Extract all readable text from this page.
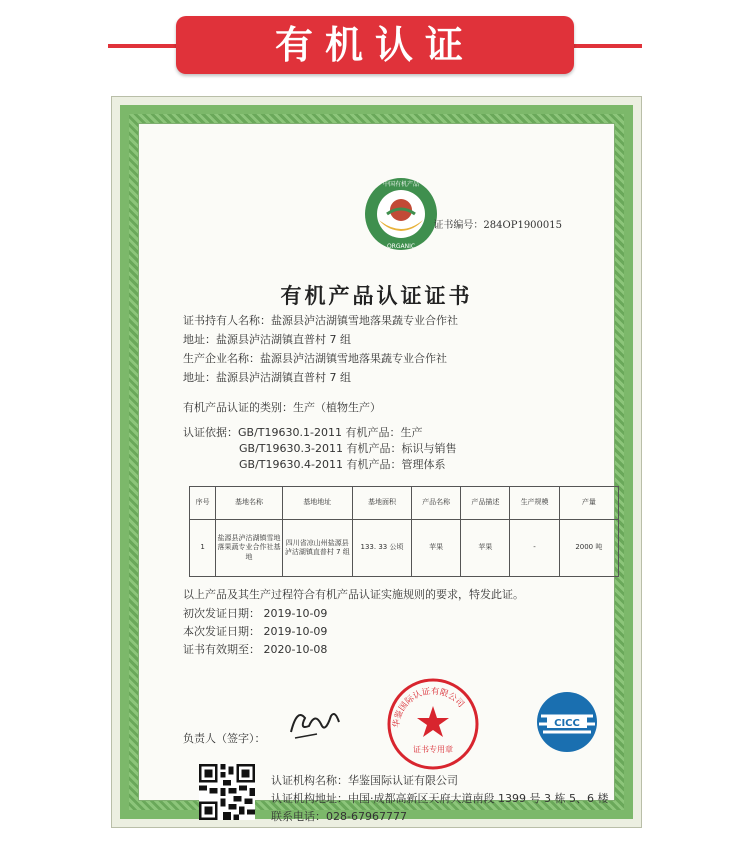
有机认证
中国有机产品
ORGANIC
证书编号：284OP1900015
有机产品认证证书
证书持有人名称：盐源县泸沽湖镇雪地落果蔬专业合作社
地址：盐源县泸沽湖镇直普村 7 组
生产企业名称：盐源县泸沽湖镇雪地落果蔬专业合作社
地址：盐源县泸沽湖镇直普村 7 组
有机产品认证的类别：生产（植物生产）
认证依据：GB/T19630.1-2011 有机产品：生产
GB/T19630.3-2011 有机产品：标识与销售
GB/T19630.4-2011 有机产品：管理体系
序号	基地名称	基地地址	基地面积	产品名称	产品描述	生产规模	产量
1	盐源县泸沽湖镇雪地落果蔬专业合作社基地	四川省凉山州盐源县泸沽湖镇直普村 7 组	133. 33 公顷	苹果	苹果	-	2000 吨
以上产品及其生产过程符合有机产品认证实施规则的要求，特发此证。
初次发证日期： 2019-10-09
本次发证日期： 2019-10-09
证书有效期至： 2020-10-08
华鉴国际认证有限公司
证书专用章
CICC
负责人（签字）：
认证机构名称：华鉴国际认证有限公司
认证机构地址：中国·成都高新区天府大道南段 1399 号 3 栋 5、6 楼
联系电话：028-67967777
